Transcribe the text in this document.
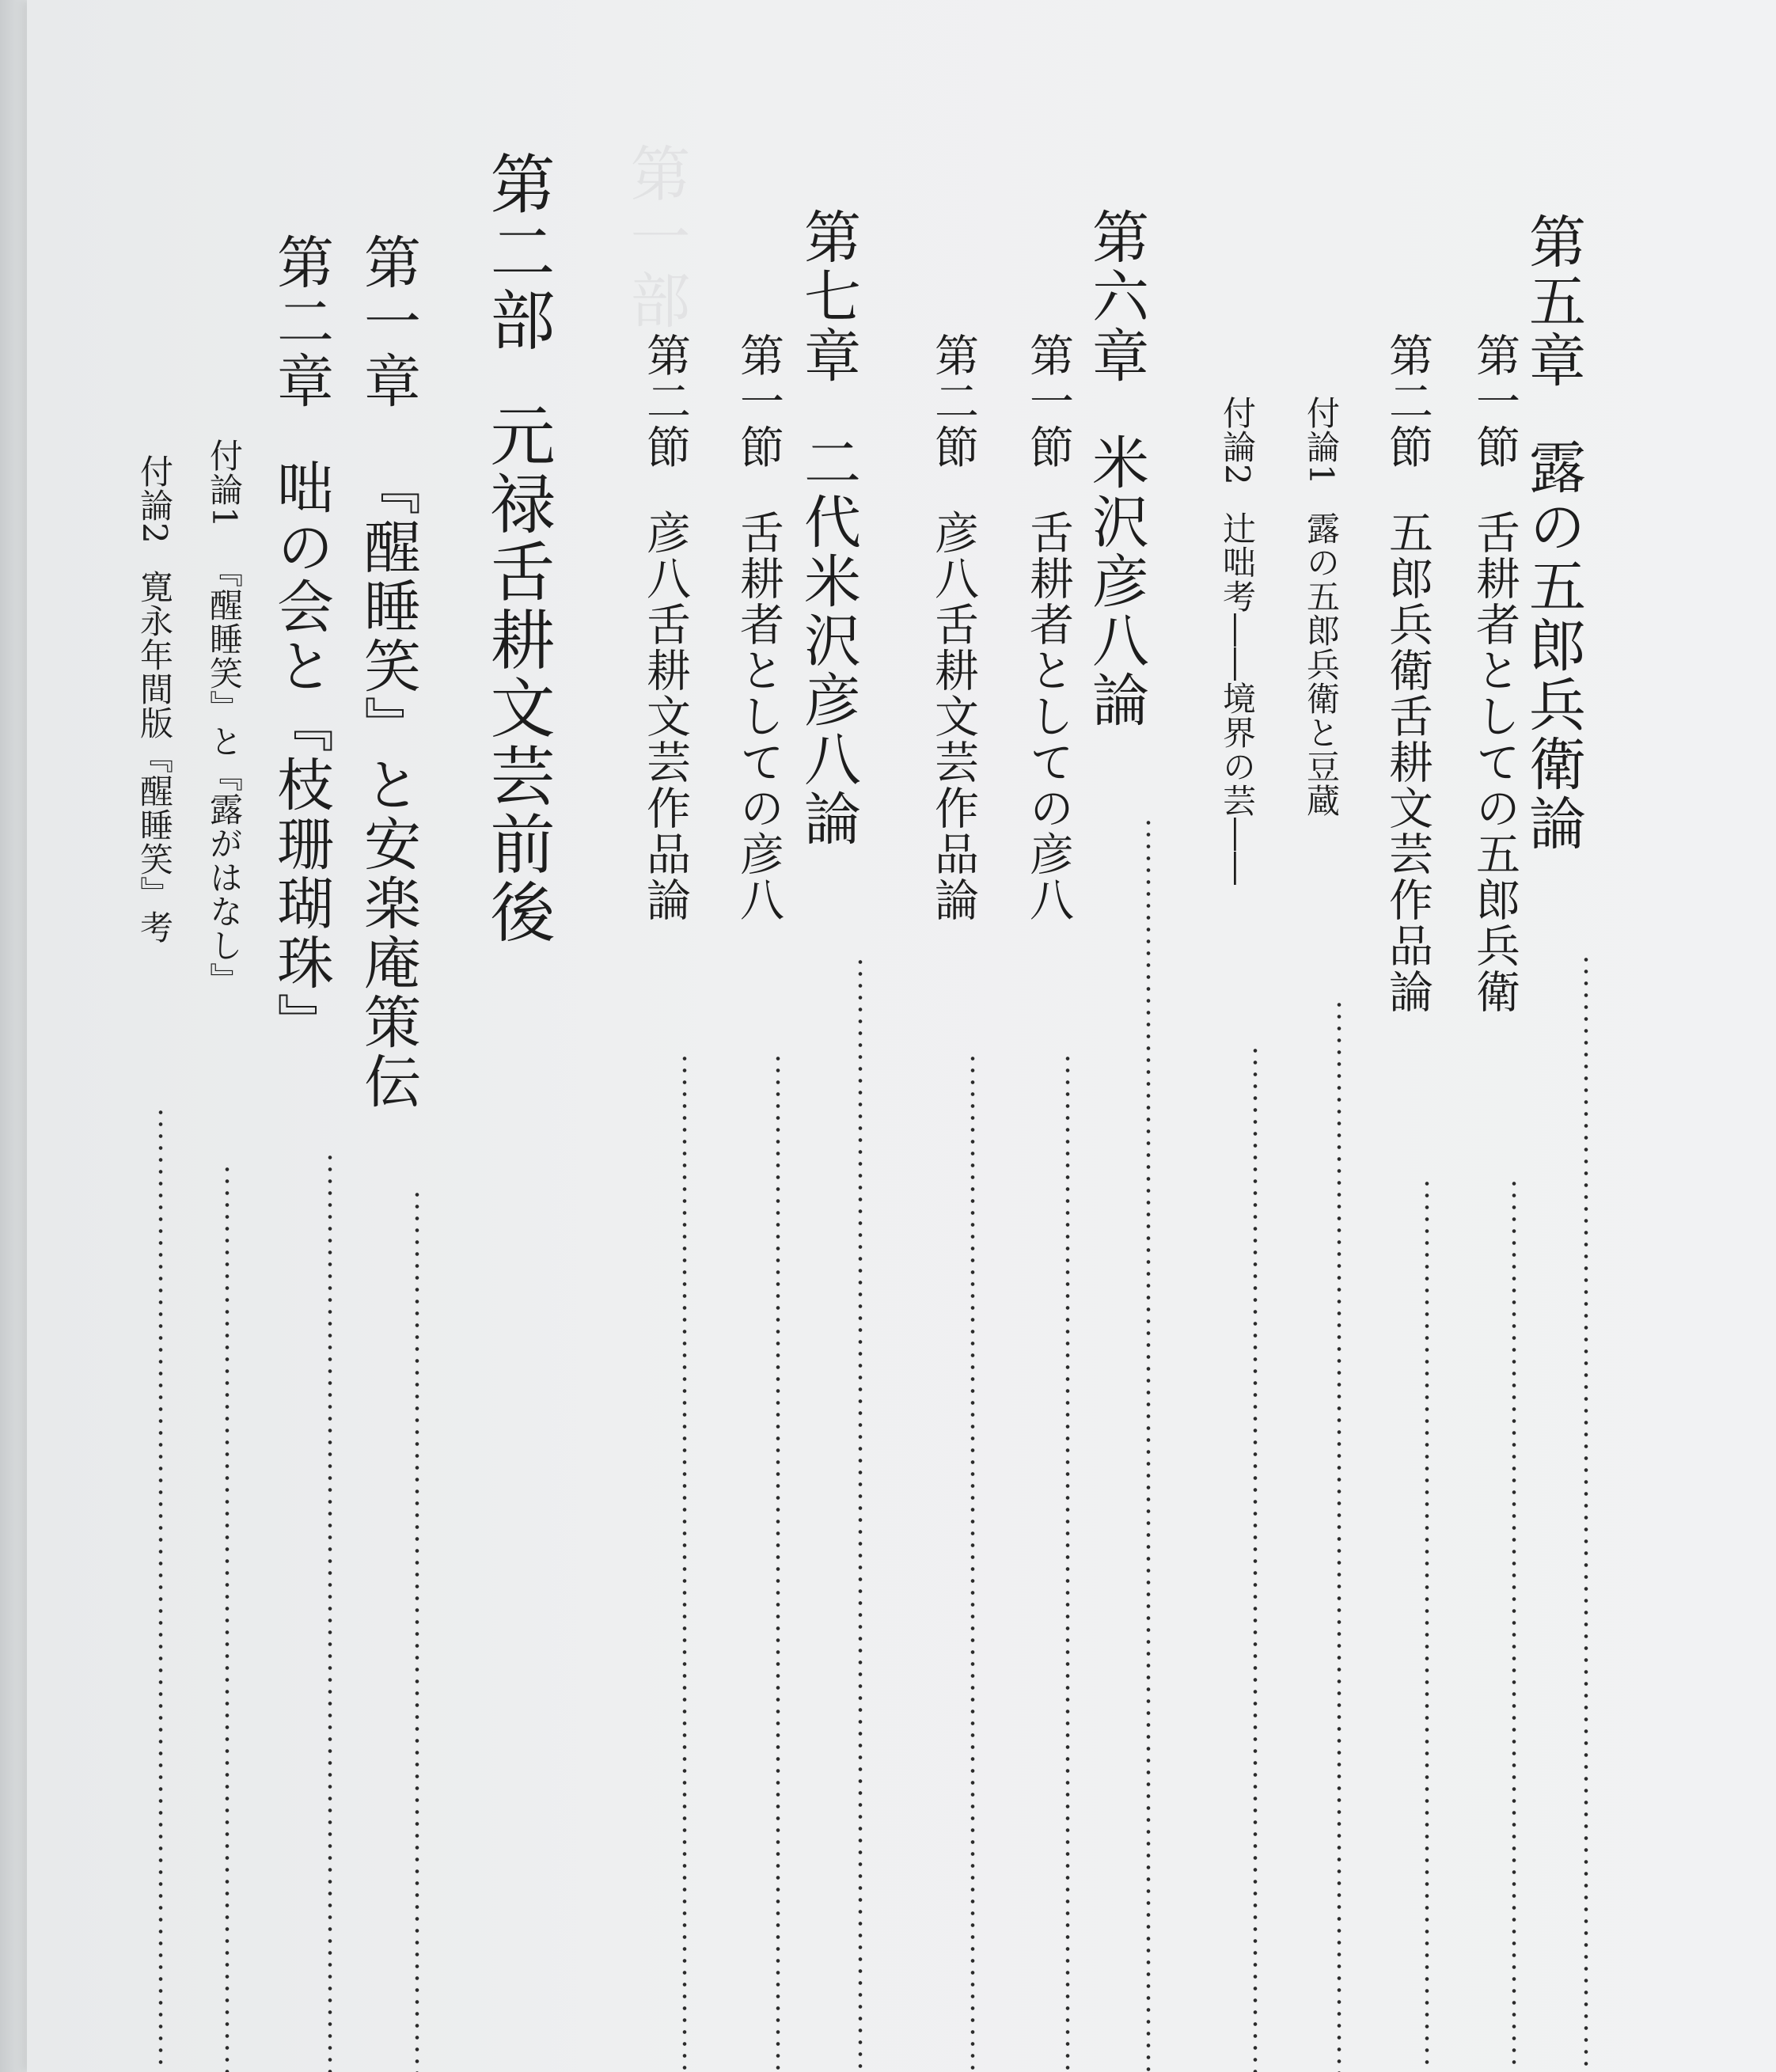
第一部	第五章露の五郎兵衛論
第一節舌耕者としての五郎兵衛
第二節五郎兵衛舌耕文芸作品論
付論1露の五郎兵衛と豆蔵
付論2辻咄考――境界の芸――
第六章米沢彦八論
第一節舌耕者としての彦八
第二節彦八舌耕文芸作品論
第七章二代米沢彦八論
第一節舌耕者としての彦八
第二節彦八舌耕文芸作品論
第二部元禄舌耕文芸前後
第一章『醒睡笑』と安楽庵策伝
第二章咄の会と『枝珊瑚珠』
付論1『醒睡笑』と『露がはなし』
付論2寛永年間版『醒睡笑』考
